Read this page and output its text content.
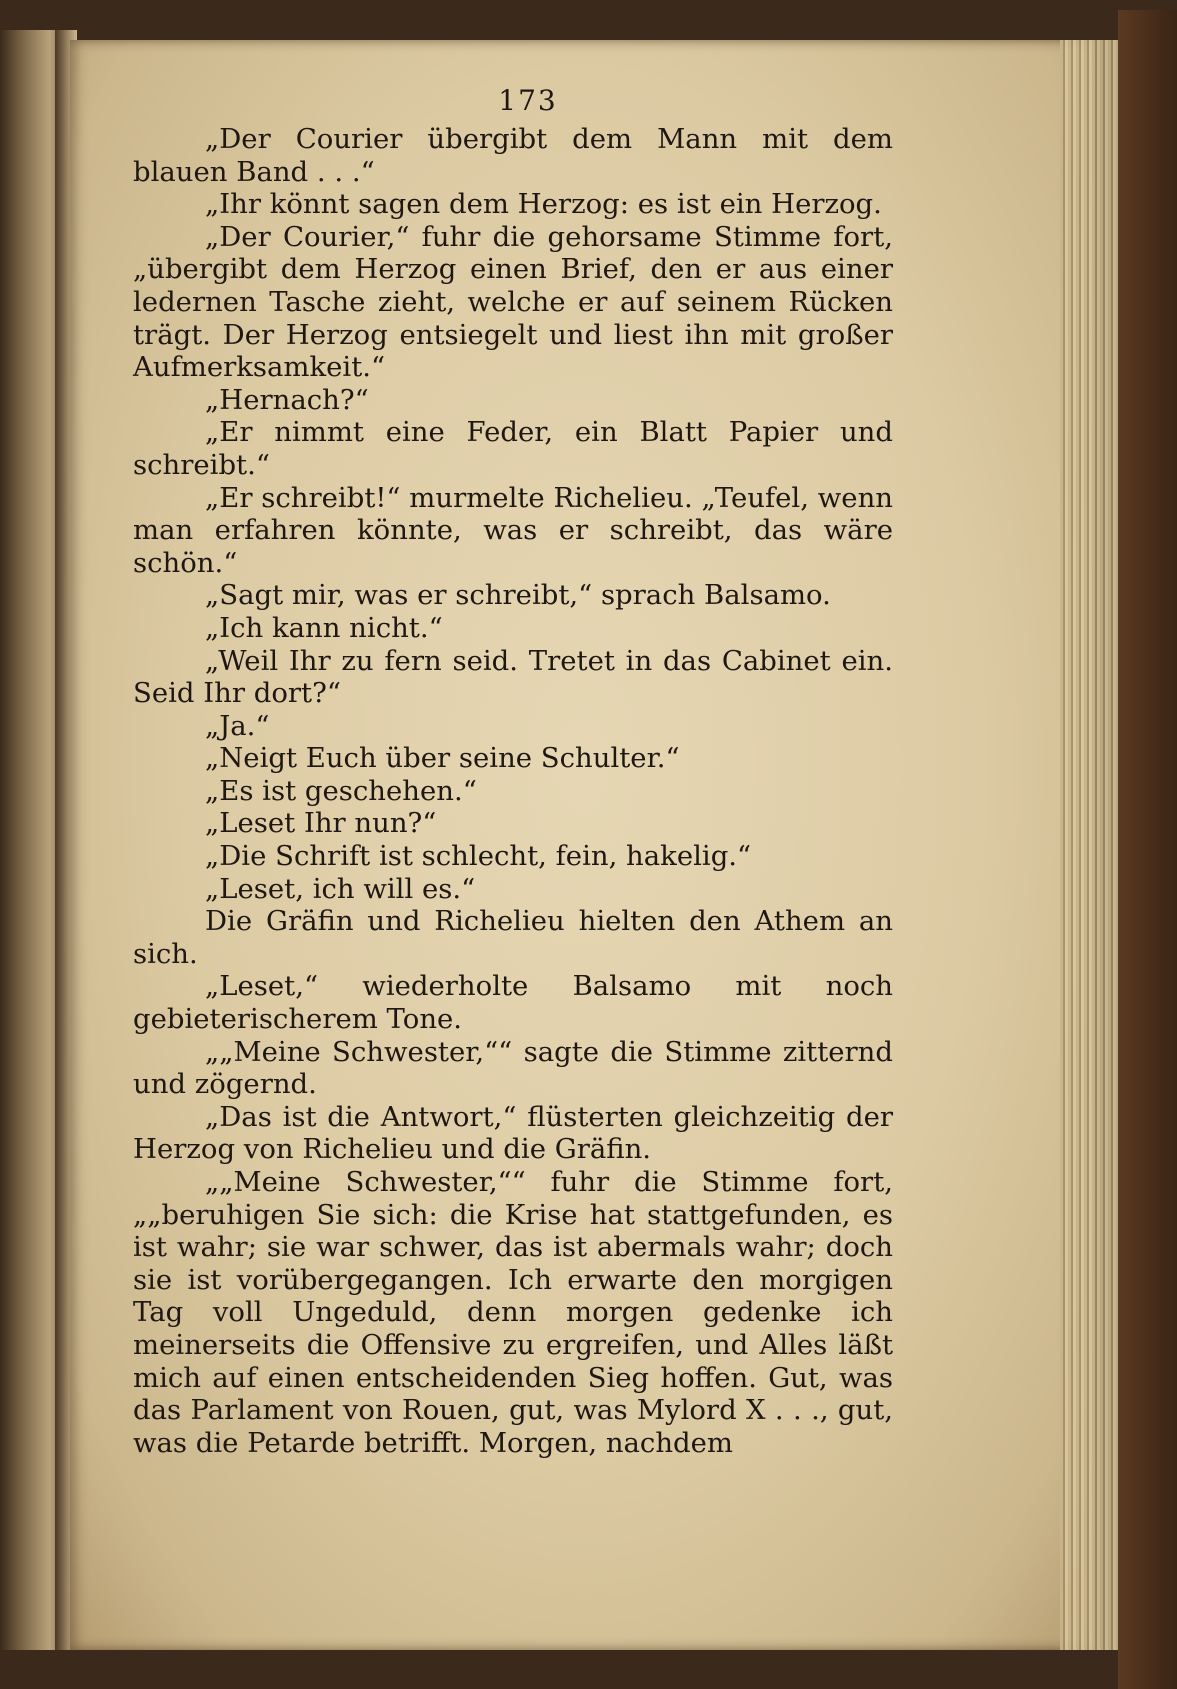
173

„Der Courier übergibt dem Mann mit dem blauen Band . . .“

„Ihr könnt sagen dem Herzog: es ist ein Herzog.

„Der Courier,“ fuhr die gehorsame Stimme fort, „übergibt dem Herzog einen Brief, den er aus einer ledernen Tasche zieht, welche er auf seinem Rücken trägt. Der Herzog entsiegelt und liest ihn mit großer Aufmerksamkeit.“

„Hernach?“

„Er nimmt eine Feder, ein Blatt Papier und schreibt.“

„Er schreibt!“ murmelte Richelieu. „Teufel, wenn man erfahren könnte, was er schreibt, das wäre schön.“

„Sagt mir, was er schreibt,“ sprach Balsamo.

„Ich kann nicht.“

„Weil Ihr zu fern seid. Tretet in das Cabinet ein. Seid Ihr dort?“

„Ja.“

„Neigt Euch über seine Schulter.“

„Es ist geschehen.“

„Leset Ihr nun?“

„Die Schrift ist schlecht, fein, hakelig.“

„Leset, ich will es.“

Die Gräfin und Richelieu hielten den Athem an sich.

„Leset,“ wiederholte Balsamo mit noch gebieterischerem Tone.

„„Meine Schwester,““ sagte die Stimme zitternd und zögernd.

„Das ist die Antwort,“ flüsterten gleichzeitig der Herzog von Richelieu und die Gräfin.

„„Meine Schwester,““ fuhr die Stimme fort, „„beruhigen Sie sich: die Krise hat stattgefunden, es ist wahr; sie war schwer, das ist abermals wahr; doch sie ist vorübergegangen. Ich erwarte den morgigen Tag voll Ungeduld, denn morgen gedenke ich meinerseits die Offensive zu ergreifen, und Alles läßt mich auf einen entscheidenden Sieg hoffen. Gut, was das Parlament von Rouen, gut, was Mylord X . . ., gut, was die Petarde betrifft. Morgen, nachdem
